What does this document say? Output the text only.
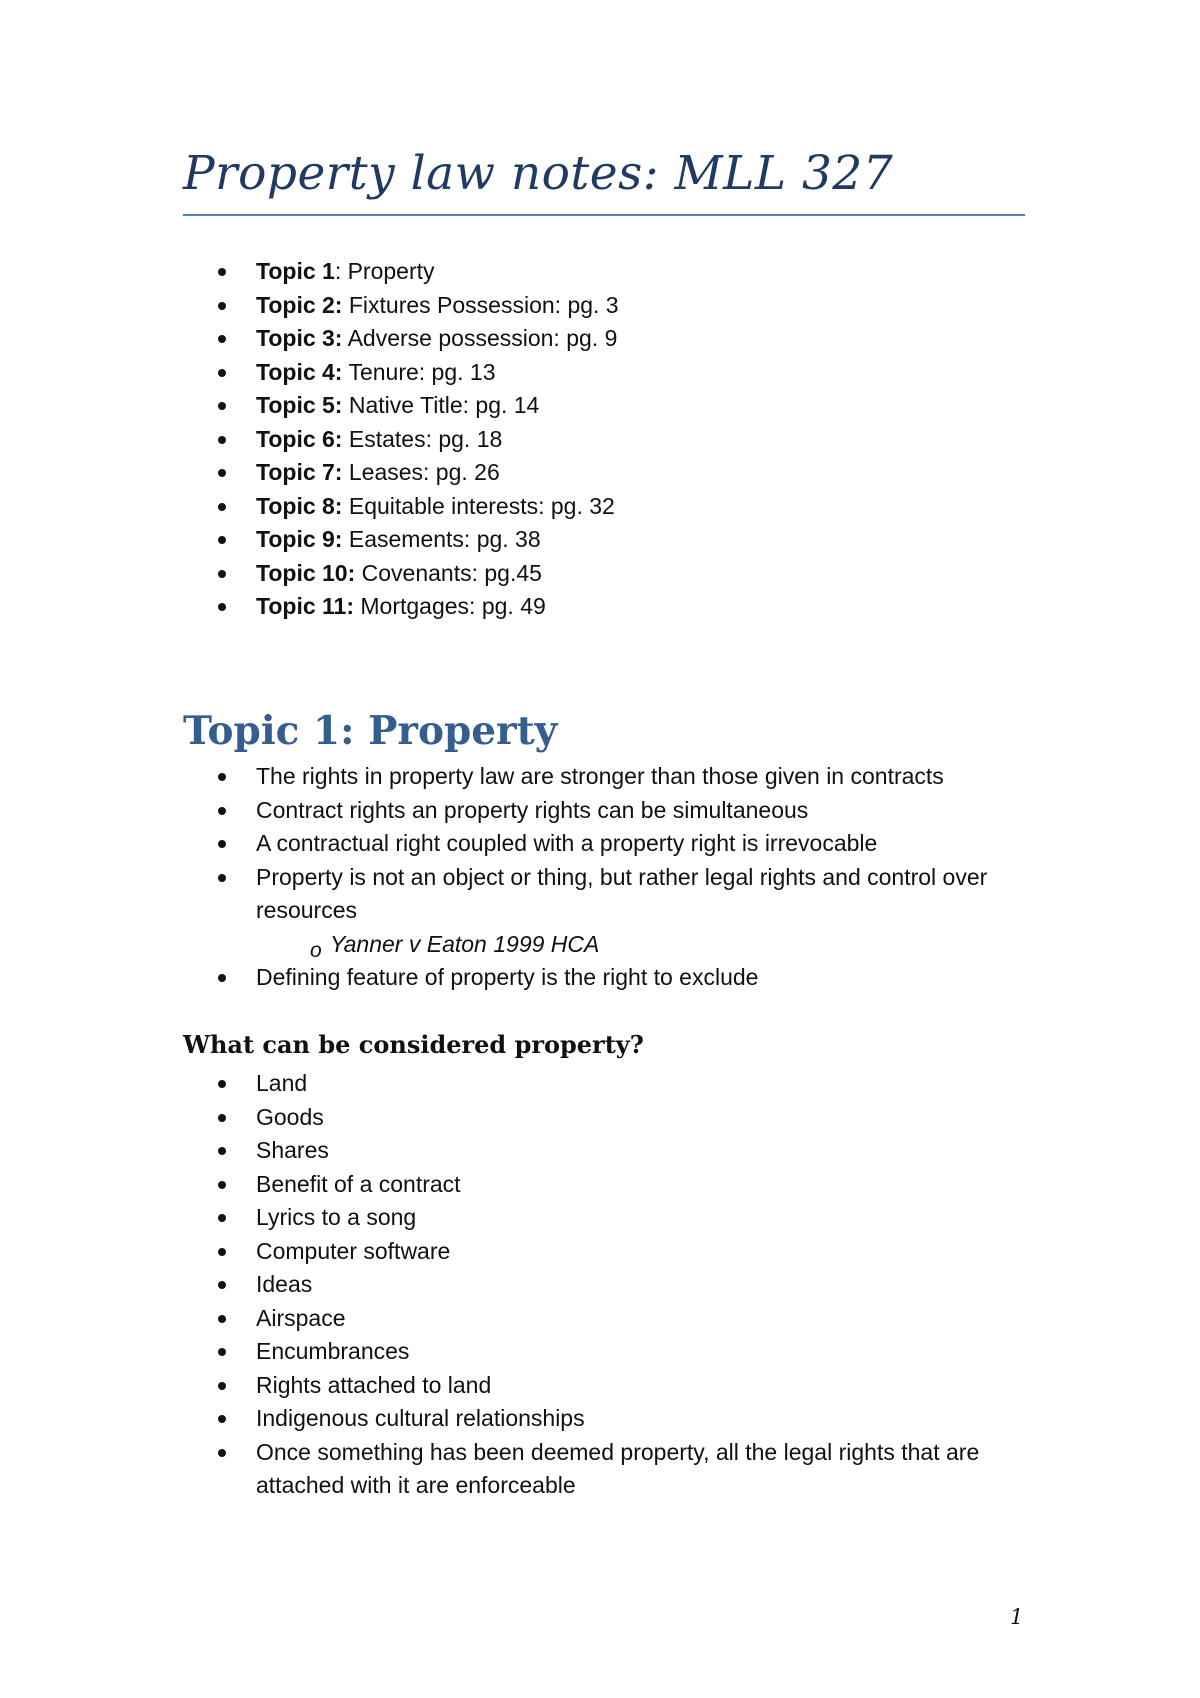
Property law notes: MLL 327
Topic 1: Property
Topic 2: Fixtures Possession: pg. 3
Topic 3: Adverse possession: pg. 9
Topic 4: Tenure: pg. 13
Topic 5: Native Title: pg. 14
Topic 6: Estates: pg. 18
Topic 7: Leases: pg. 26
Topic 8: Equitable interests: pg. 32
Topic 9: Easements: pg. 38
Topic 10: Covenants: pg.45
Topic 11: Mortgages: pg. 49
Topic 1: Property
The rights in property law are stronger than those given in contracts
Contract rights an property rights can be simultaneous
A contractual right coupled with a property right is irrevocable
Property is not an object or thing, but rather legal rights and control over resources
o Yanner v Eaton 1999 HCA
Defining feature of property is the right to exclude
What can be considered property?
Land
Goods
Shares
Benefit of a contract
Lyrics to a song
Computer software
Ideas
Airspace
Encumbrances
Rights attached to land
Indigenous cultural relationships
Once something has been deemed property, all the legal rights that are attached with it are enforceable
1
